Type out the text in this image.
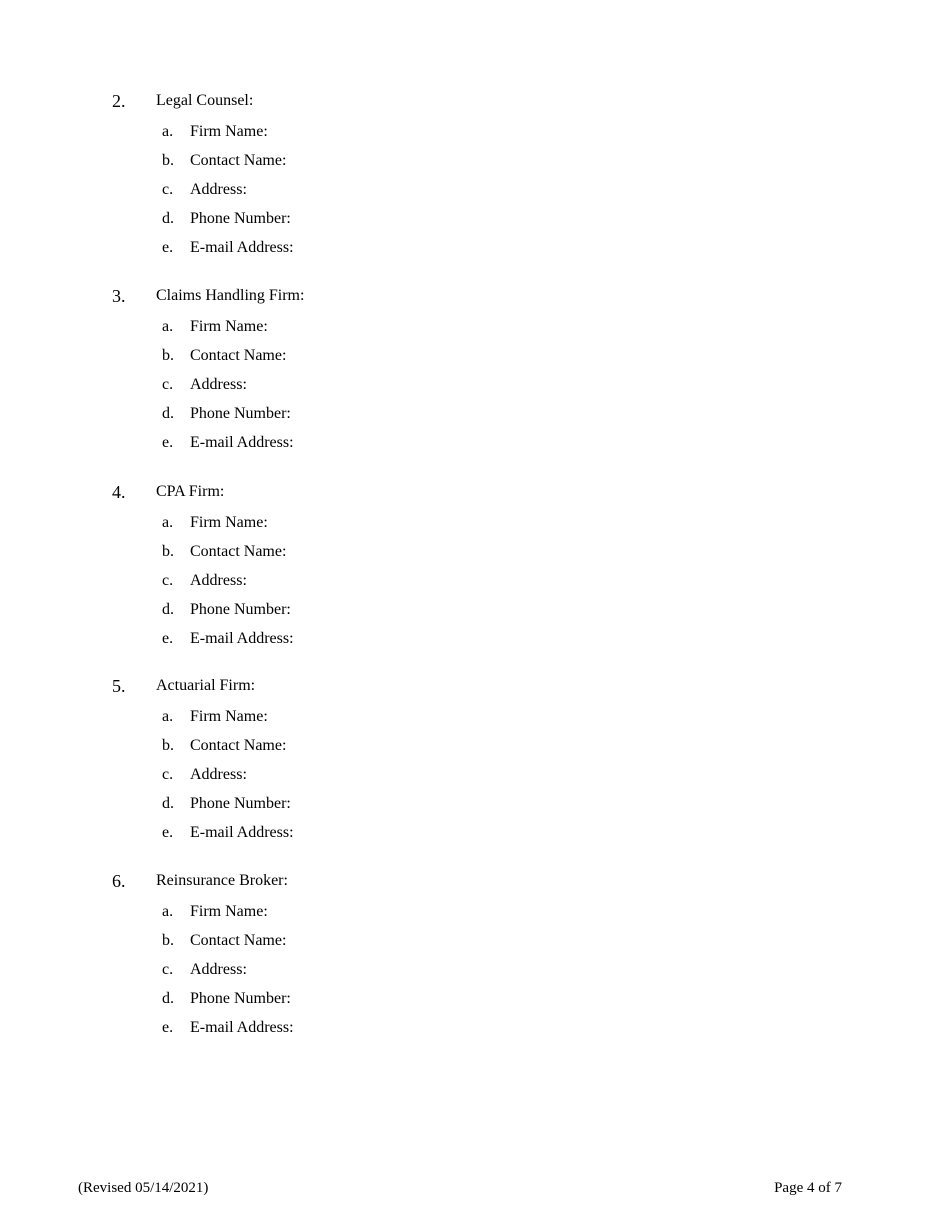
2. Legal Counsel:
a. Firm Name:
b. Contact Name:
c. Address:
d. Phone Number:
e. E-mail Address:
3. Claims Handling Firm:
a. Firm Name:
b. Contact Name:
c. Address:
d. Phone Number:
e. E-mail Address:
4. CPA Firm:
a. Firm Name:
b. Contact Name:
c. Address:
d. Phone Number:
e. E-mail Address:
5. Actuarial Firm:
a. Firm Name:
b. Contact Name:
c. Address:
d. Phone Number:
e. E-mail Address:
6. Reinsurance Broker:
a. Firm Name:
b. Contact Name:
c. Address:
d. Phone Number:
e. E-mail Address:
(Revised 05/14/2021)	Page 4 of 7
